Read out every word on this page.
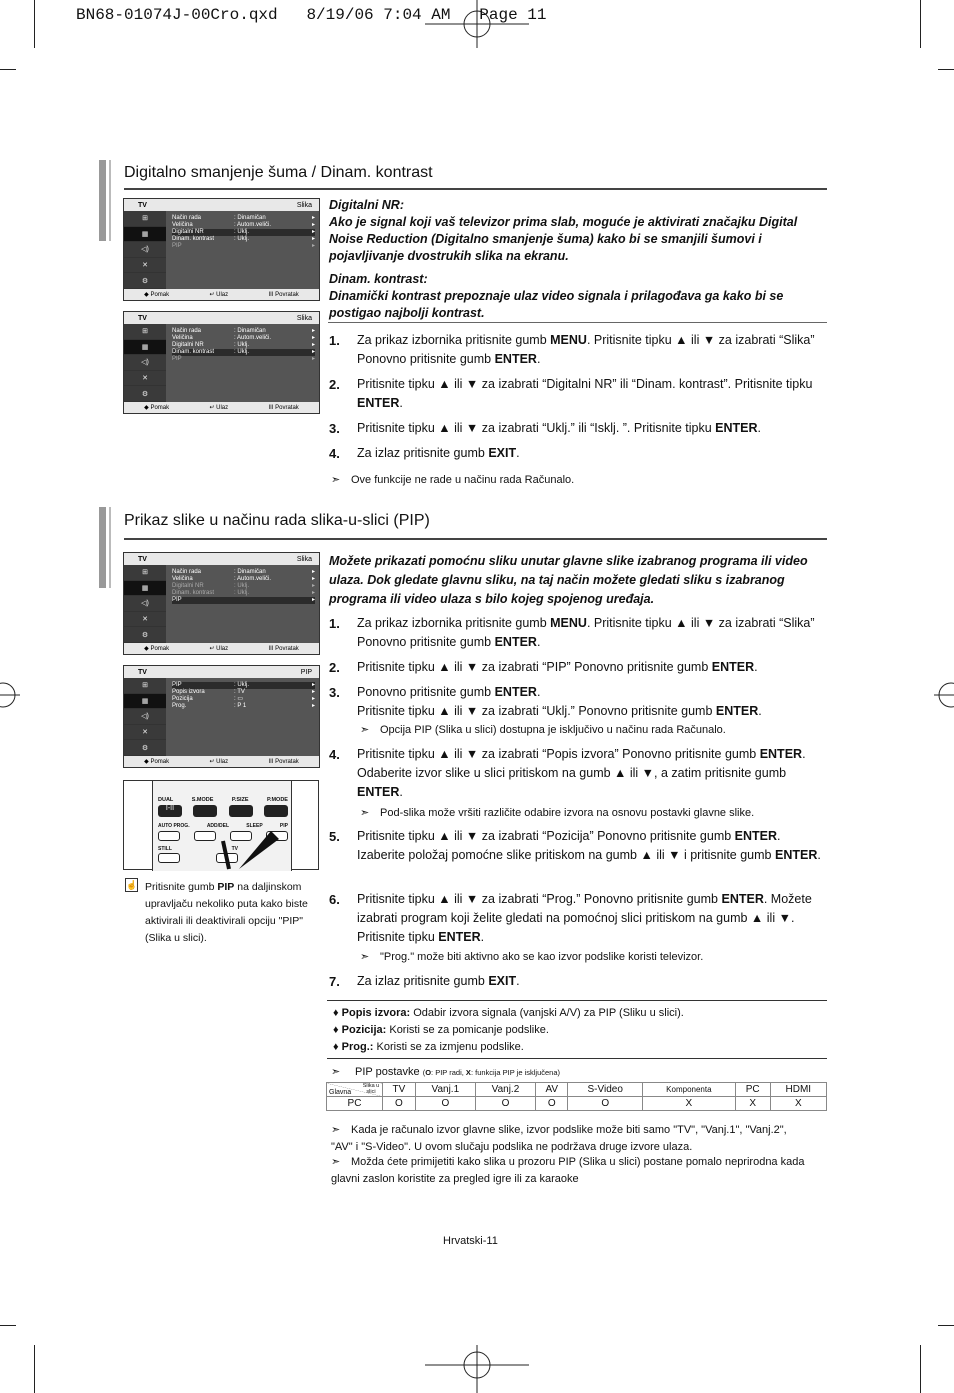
BN68-01074J-00Cro.qxd   8/19/06 7:04 AM   Page 11
Digitalno smanjenje šuma / Dinam. kontrast
TV	Slika
⊞
▦
◁)
✕
⚙
Način rada	: Dinamičan	▸
Veličina	: Autom.veliči.	▸
Digitalni NR	: Uklj.	▸
Dinam. kontrast	: Uklj.	▸
PIP	▸
◆ Pomak	↵ Ulaz	III Povratak
TV	Slika
⊞
▦
◁)
✕
⚙
Način rada	: Dinamičan	▸
Veličina	: Autom.veliči.	▸
Digitalni NR	: Uklj.	▸
Dinam. kontrast	: Uklj.	▸
PIP	▸
◆ Pomak	↵ Ulaz	III Povratak
Digitalni NR:
Ako je signal koji vaš televizor prima slab, moguće je aktivirati značajku Digital Noise Reduction (Digitalno smanjenje šuma) kako bi se smanjili šumovi i pojavljivanje dvostrukih slika na ekranu.
Dinam. kontrast:
Dinamički kontrast prepoznaje ulaz video signala i prilagođava ga kako bi se postigao najbolji kontrast.
1. Za prikaz izbornika pritisnite gumb MENU. Pritisnite tipku ▲ ili ▼ za izabrati “Slika” Ponovno pritisnite gumb ENTER.
2. Pritisnite tipku ▲ ili ▼ za izabrati “Digitalni NR” ili “Dinam. kontrast”. Pritisnite tipku ENTER.
3. Pritisnite tipku ▲ ili ▼ za izabrati “Uklj.” ili “Isklj. ”. Pritisnite tipku ENTER.
4. Za izlaz pritisnite gumb EXIT.
➣ Ove funkcije ne rade u načinu rada Računalo.
Prikaz slike u načinu rada slika-u-slici (PIP)
TV	Slika
⊞
▦
◁)
✕
⚙
Način rada	: Dinamičan	▸
Veličina	: Autom.veliči.	▸
Digitalni NR	: Uklj.	▸
Dinam. kontrast	: Uklj.	▸
PIP	▸
◆ Pomak	↵ Ulaz	III Povratak
TV	PIP
⊞
▦
◁)
✕
⚙
PIP	: Uklj.	▸
Popis izvora	: TV	▸
Pozicija	: ▭	▸
Prog.	: P 1	▸
◆ Pomak	↵ Ulaz	III Povratak
DUAL	S.MODE	P.SIZE	P.MODE
I-II
AUTO PROG.	ADD/DEL	SLEEP	PIP
STILL	TV
☝ Pritisnite gumb PIP na daljinskom upravljaču nekoliko puta kako biste aktivirali ili deaktivirali opciju "PIP" (Slika u slici).
Možete prikazati pomoćnu sliku unutar glavne slike izabranog programa ili video ulaza. Dok gledate glavnu sliku, na taj način možete gledati sliku s izabranog programa ili video ulaza s bilo kojeg spojenog uređaja.
1. Za prikaz izbornika pritisnite gumb MENU. Pritisnite tipku ▲ ili ▼ za izabrati “Slika” Ponovno pritisnite gumb ENTER.
2. Pritisnite tipku ▲ ili ▼ za izabrati “PIP” Ponovno pritisnite gumb ENTER.
3. Ponovno pritisnite gumb ENTER.
Pritisnite tipku ▲ ili ▼ za izabrati “Uklj.” Ponovno pritisnite gumb ENTER.
➣ Opcija PIP (Slika u slici) dostupna je isključivo u načinu rada Računalo.
4. Pritisnite tipku ▲ ili ▼ za izabrati “Popis izvora” Ponovno pritisnite gumb ENTER. Odaberite izvor slike u slici pritiskom na gumb ▲ ili ▼, a zatim pritisnite gumb ENTER.
➣ Pod-slika može vršiti različite odabire izvora na osnovu postavki glavne slike.
5. Pritisnite tipku ▲ ili ▼ za izabrati “Pozicija” Ponovno pritisnite gumb ENTER. Izaberite položaj pomoćne slike pritiskom na gumb ▲ ili ▼ i pritisnite gumb ENTER.
6. Pritisnite tipku ▲ ili ▼ za izabrati “Prog.” Ponovno pritisnite gumb ENTER. Možete izabrati program koji želite gledati na pomoćnoj slici pritiskom na gumb ▲ ili ▼. Pritisnite tipku ENTER.
➣ "Prog." može biti aktivno ako se kao izvor podslike koristi televizor.
7. Za izlaz pritisnite gumb EXIT.
♦ Popis izvora: Odabir izvora signala (vanjski A/V) za PIP (Sliku u slici).
♦ Pozicija: Koristi se za pomicanje podslike.
♦ Prog.: Koristi se za izmjenu podslike.
➣ PIP postavke (O: PIP radi, X: funkcija PIP je isključena)
Glavna
Slika u slici	TV	Vanj.1	Vanj.2	AV	S-Video	Komponenta	PC	HDMI
PC	O	O	O	O	O	X	X	X
➣ Kada je računalo izvor glavne slike, izvor podslike može biti samo "TV", "Vanj.1", "Vanj.2", "AV" i "S-Video". U ovom slučaju podslika ne podržava druge izvore ulaza.
➣ Možda ćete primijetiti kako slika u prozoru PIP (Slika u slici) postane pomalo neprirodna kada glavni zaslon koristite za pregled igre ili za karaoke
Hrvatski-11
